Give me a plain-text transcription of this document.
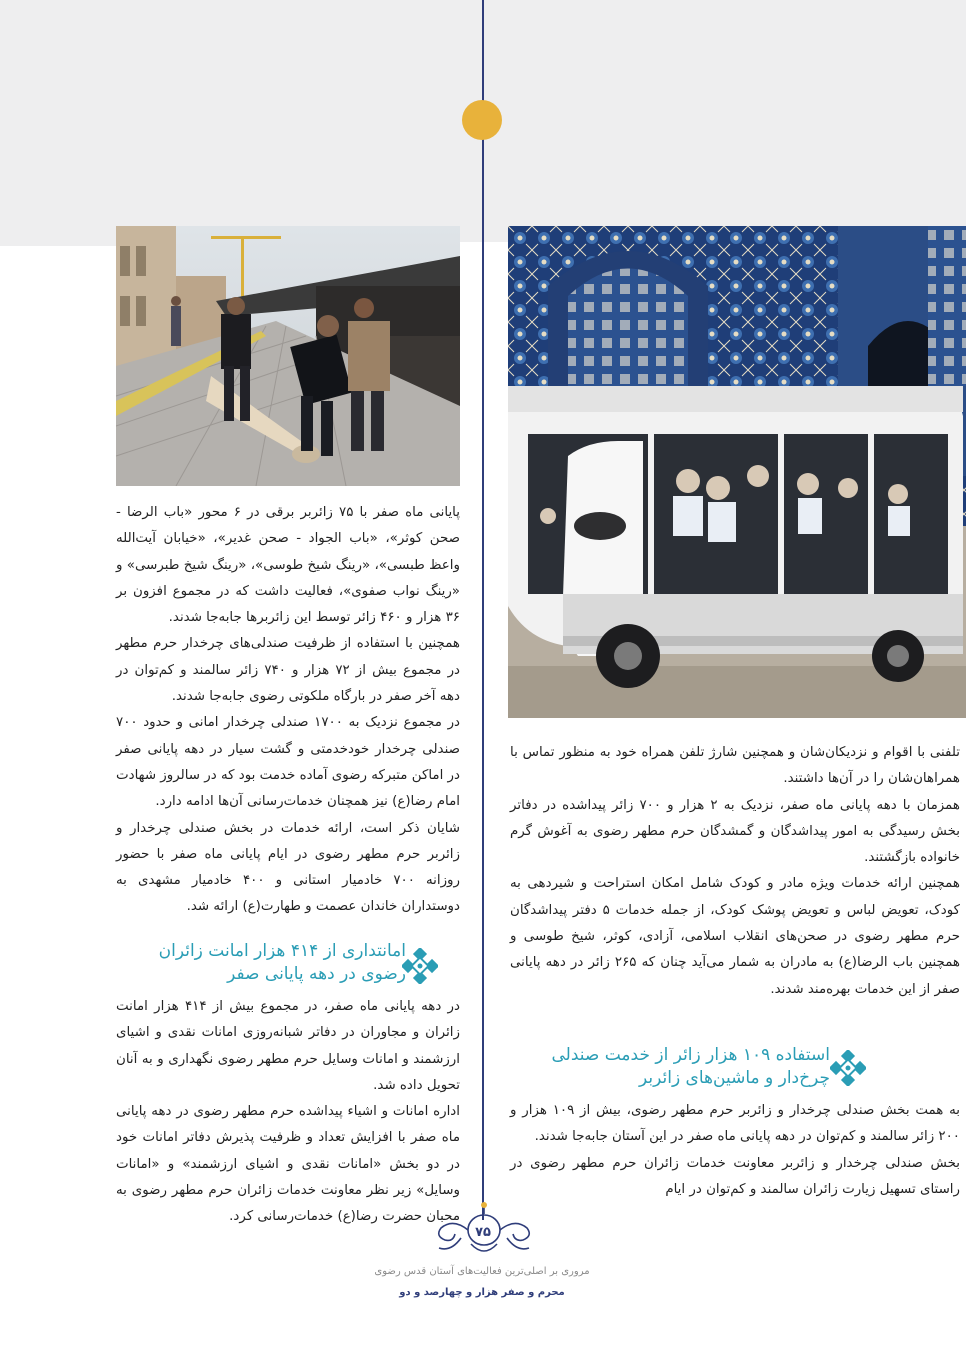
پایانی ماه صفر با ۷۵ زائربر برقی در ۶ محور «باب الرضا - صحن کوثر»، «باب الجواد - صحن غدیر»، «خیابان آیت‌الله واعظ طبسی»، «رینگ شیخ طوسی»، «رینگ شیخ طبرسی» و «رینگ نواب صفوی»، فعالیت داشت که در مجموع افزون بر ۳۶ هزار و ۴۶۰ زائر توسط این زائربرها جابه‌جا شدند.

همچنین با استفاده از ظرفیت صندلی‌های چرخدار حرم مطهر در مجموع بیش از ۷۲ هزار و ۷۴۰ زائر سالمند و کم‌توان در دهه آخر صفر در بارگاه ملکوتی رضوی جابه‌جا شدند.

در مجموع نزدیک به ۱۷۰۰ صندلی چرخدار امانی و حدود ۷۰۰ صندلی چرخدار خودخدمتی و گشت سیار در دهه پایانی صفر در اماکن متبرکه رضوی آماده خدمت بود که در سالروز شهادت امام رضا(ع) نیز همچنان خدمات‌رسانی آن‌ها ادامه دارد.

شایان ذکر است، ارائه خدمات در بخش صندلی چرخدار و زائربر حرم مطهر رضوی در ایام پایانی ماه صفر با حضور روزانه ۷۰۰ خادمیار استانی و ۴۰۰ خادمیار مشهدی به دوستداران خاندان عصمت و طهارت(ع) ارائه شد.

امانتداری از ۴۱۴ هزار امانت زائران رضوی در دهه پایانی صفر

در دهه پایانی ماه صفر، در مجموع بیش از ۴۱۴ هزار امانت زائران و مجاوران در دفاتر شبانه‌روزی امانات نقدی و اشیای ارزشمند و امانات وسایل حرم مطهر رضوی نگهداری و به آنان تحویل داده شد.

اداره امانات و اشیاء پیداشده حرم مطهر رضوی در دهه پایانی ماه صفر با افزایش تعداد و ظرفیت پذیرش دفاتر امانات خود در دو بخش «امانات نقدی و اشیای ارزشمند» و «امانات وسایل» زیر نظر معاونت خدمات زائران حرم مطهر رضوی به محبان حضرت رضا(ع) خدمات‌رسانی کرد.

تلفنی با اقوام و نزدیکان‌شان و همچنین شارژ تلفن همراه خود به منظور تماس با همراهان‌شان را در آن‌ها داشتند.

همزمان با دهه پایانی ماه صفر، نزدیک به ۲ هزار و ۷۰۰ زائر پیداشده در دفاتر بخش رسیدگی به امور پیداشدگان و گمشدگان حرم مطهر رضوی به آغوش گرم خانواده بازگشتند.

همچنین ارائه خدمات ویژه مادر و کودک شامل امکان استراحت و شیردهی به کودک، تعویض لباس و تعویض پوشک کودک، از جمله خدمات ۵ دفتر پیداشدگان حرم مطهر رضوی در صحن‌های انقلاب اسلامی، آزادی، کوثر، شیخ طوسی و همچنین باب الرضا(ع) به مادران به شمار می‌آید چنان که ۲۶۵ زائر در دهه پایانی صفر از این خدمات بهره‌مند شدند.

استفاده ۱۰۹ هزار زائر از خدمت صندلی چرخ‌دار و ماشین‌های زائربر

به همت بخش صندلی چرخدار و زائربر حرم مطهر رضوی، بیش از ۱۰۹ هزار و ۲۰۰ زائر سالمند و کم‌توان در دهه پایانی ماه صفر در این آستان جابه‌جا شدند.

بخش صندلی چرخدار و زائربر معاونت خدمات زائران حرم مطهر رضوی در راستای تسهیل زیارت زائران سالمند و کم‌توان در ایام

۷۵
مروری بر اصلی‌ترین فعالیت‌های آستان قدس رضوی
محرم و صفر هزار و چهارصد و دو
